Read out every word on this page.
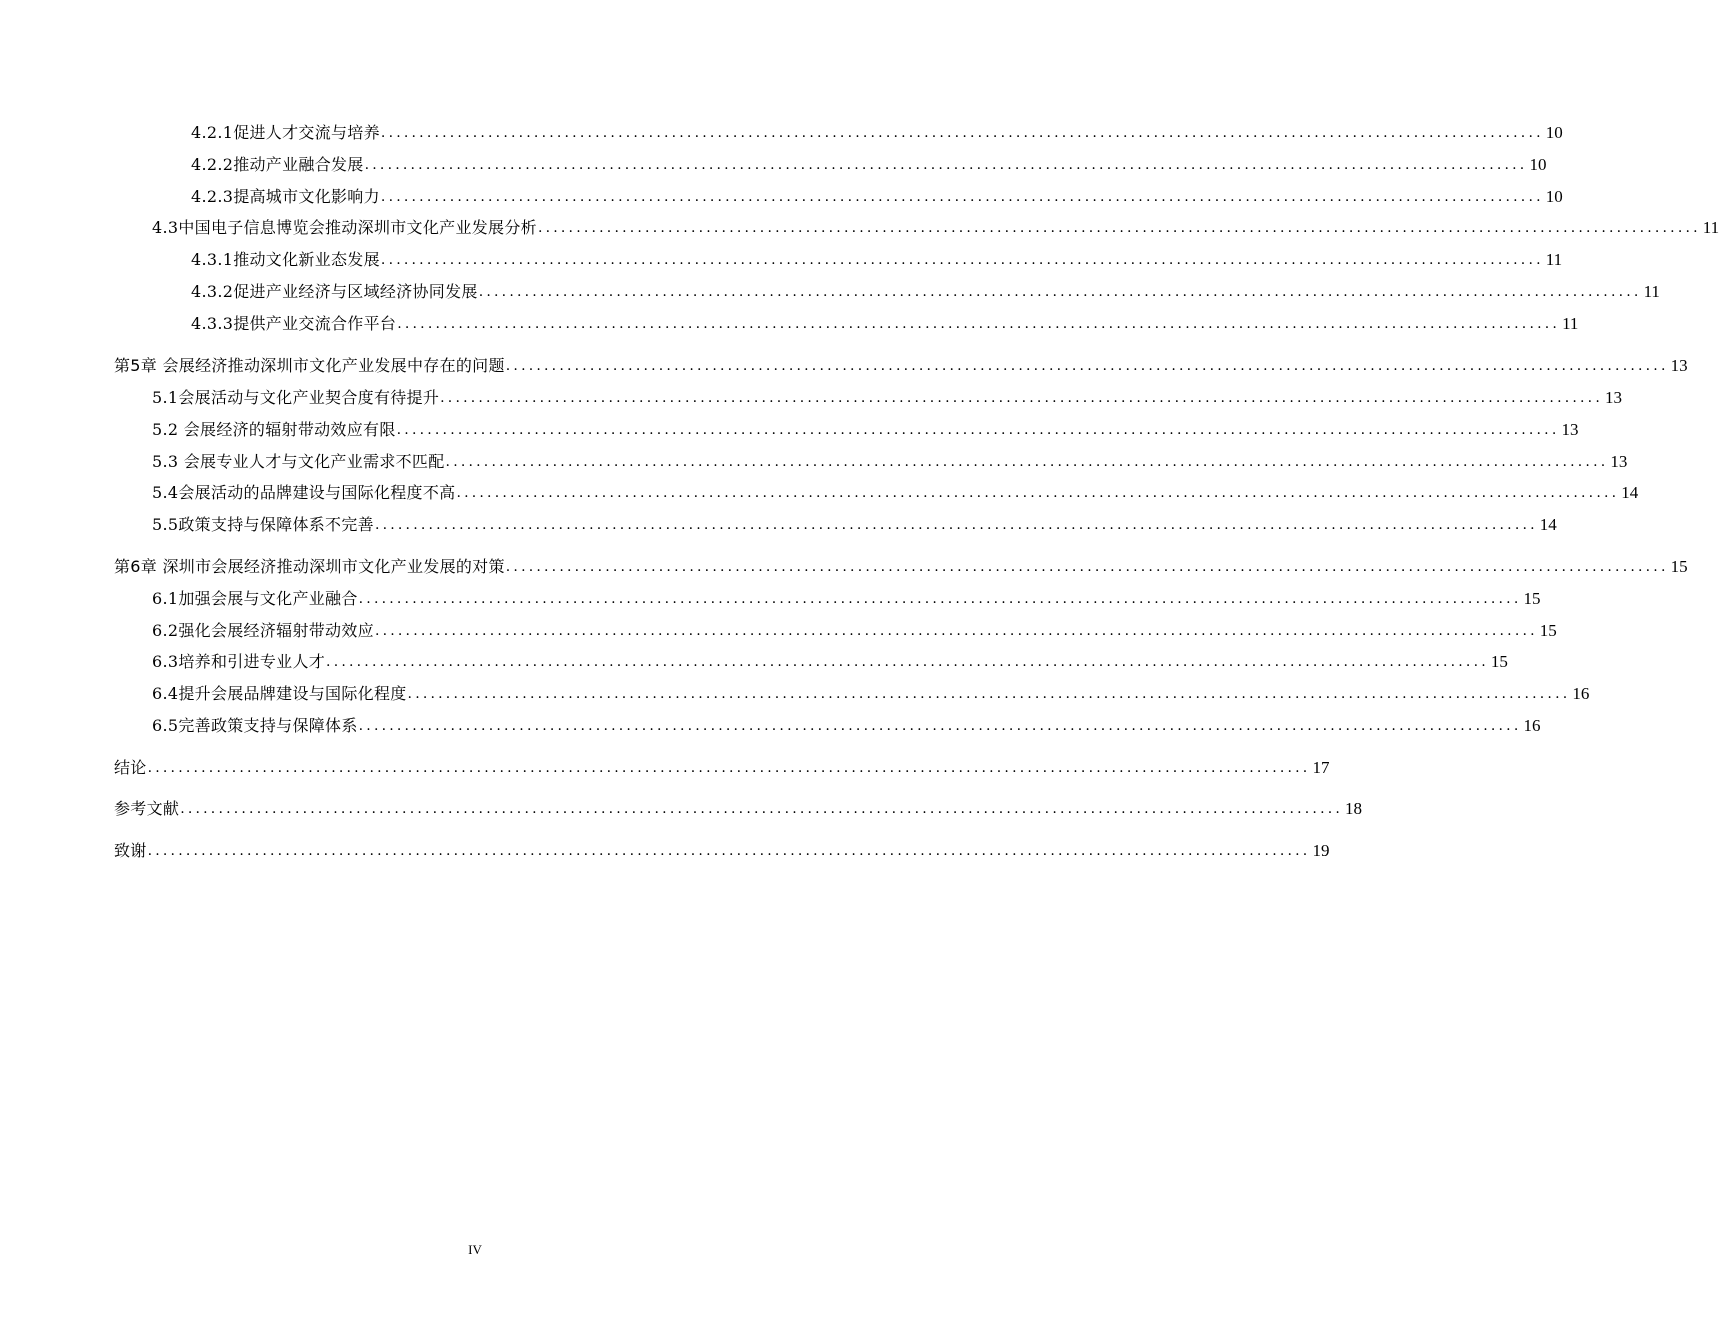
4.2.1促进人才交流与培养 ........................................................................................................................................................ 10
4.2.2推动产业融合发展 ........................................................................................................................................................ 10
4.2.3提高城市文化影响力 ........................................................................................................................................................ 10
4.3中国电子信息博览会推动深圳市文化产业发展分析 ........................................................................................................................................................ 11
4.3.1推动文化新业态发展 ........................................................................................................................................................ 11
4.3.2促进产业经济与区域经济协同发展 ........................................................................................................................................................ 11
4.3.3提供产业交流合作平台 ........................................................................................................................................................ 11
第5章 会展经济推动深圳市文化产业发展中存在的问题 ........................................................................................................................................................ 13
5.1会展活动与文化产业契合度有待提升 ........................................................................................................................................................ 13
5.2 会展经济的辐射带动效应有限 ........................................................................................................................................................ 13
5.3 会展专业人才与文化产业需求不匹配 ........................................................................................................................................................ 13
5.4会展活动的品牌建设与国际化程度不高 ........................................................................................................................................................ 14
5.5政策支持与保障体系不完善 ........................................................................................................................................................ 14
第6章 深圳市会展经济推动深圳市文化产业发展的对策 ........................................................................................................................................................ 15
6.1加强会展与文化产业融合 ........................................................................................................................................................ 15
6.2强化会展经济辐射带动效应 ........................................................................................................................................................ 15
6.3培养和引进专业人才 ........................................................................................................................................................ 15
6.4提升会展品牌建设与国际化程度 ........................................................................................................................................................ 16
6.5完善政策支持与保障体系 ........................................................................................................................................................ 16
结论 ........................................................................................................................................................ 17
参考文献 ........................................................................................................................................................ 18
致谢 ........................................................................................................................................................ 19
IV
